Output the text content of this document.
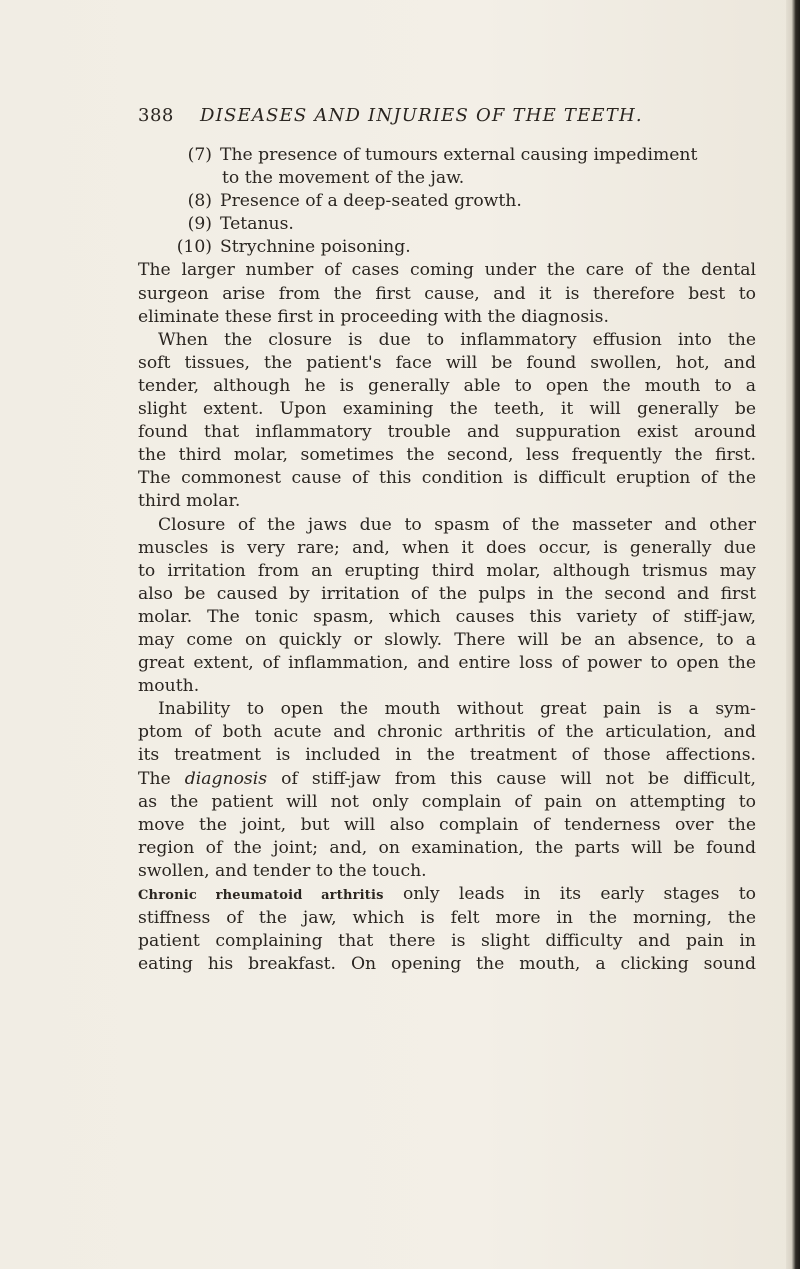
388 DISEASES AND INJURIES OF THE TEETH.
(7) The presence of tumours external causing impediment
to the movement of the jaw.
(8) Presence of a deep-seated growth.
(9) Tetanus.
(10) Strychnine poisoning.
The larger number of cases coming under the care of the dental
surgeon arise from the first cause, and it is therefore best to
eliminate these first in proceeding with the diagnosis.
When the closure is due to inflammatory effusion into the
soft tissues, the patient's face will be found swollen, hot, and
tender, although he is generally able to open the mouth to a
slight extent. Upon examining the teeth, it will generally be
found that inflammatory trouble and suppuration exist around
the third molar, sometimes the second, less frequently the first.
The commonest cause of this condition is difficult eruption of the
third molar.
Closure of the jaws due to spasm of the masseter and other
muscles is very rare; and, when it does occur, is generally due
to irritation from an erupting third molar, although trismus may
also be caused by irritation of the pulps in the second and first
molar. The tonic spasm, which causes this variety of stiff-jaw,
may come on quickly or slowly. There will be an absence, to a
great extent, of inflammation, and entire loss of power to open the
mouth.
Inability to open the mouth without great pain is a sym-
ptom of both acute and chronic arthritis of the articulation, and
its treatment is included in the treatment of those affections.
The diagnosis of stiff-jaw from this cause will not be difficult,
as the patient will not only complain of pain on attempting to
move the joint, but will also complain of tenderness over the
region of the joint; and, on examination, the parts will be found
swollen, and tender to the touch.
Chronic rheumatoid arthritis only leads in its early stages to
stiffness of the jaw, which is felt more in the morning, the
patient complaining that there is slight difficulty and pain in
eating his breakfast. On opening the mouth, a clicking sound
